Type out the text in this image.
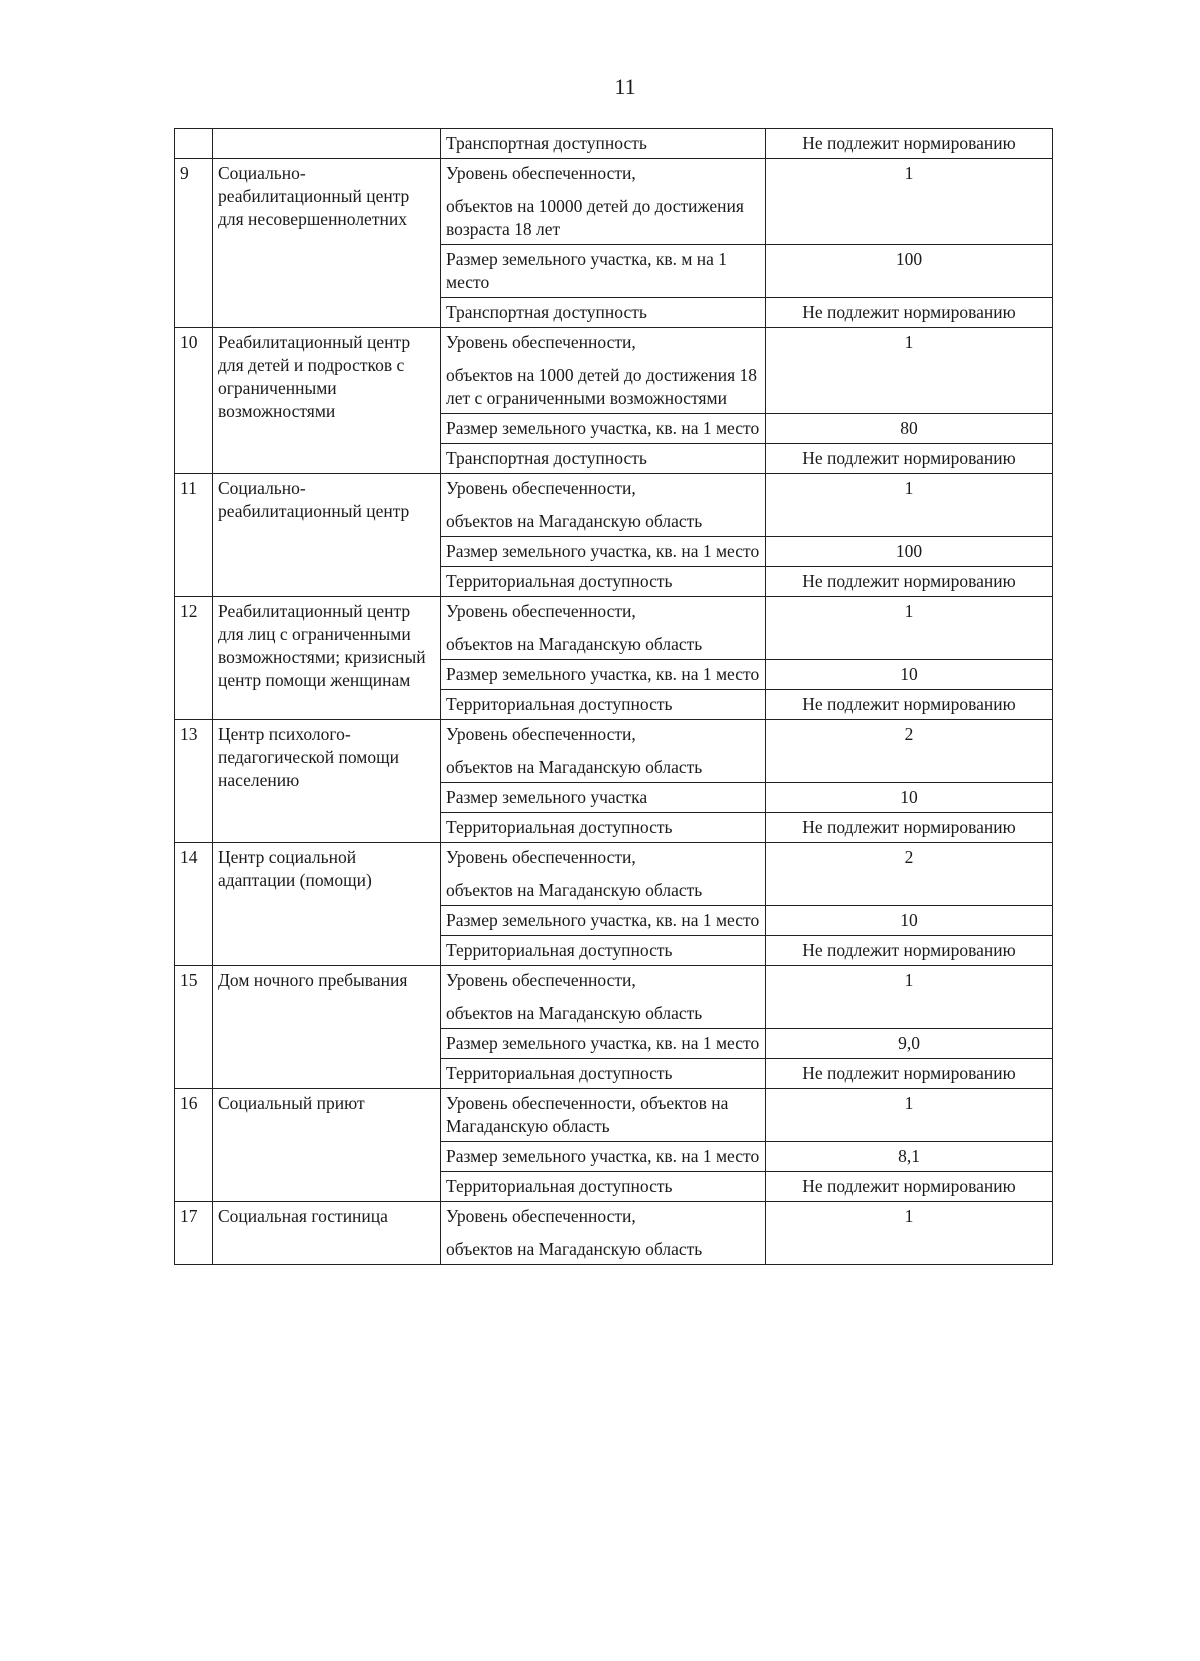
11
		Транспортная доступность	Не подлежит нормированию
9	Социально-реабилитационный центр для несовершеннолетних	Уровень обеспеченности,
объектов на 10000 детей до достижения возраста 18 лет	1

		Размер земельного участка, кв. м на 1 место	100

		Транспортная доступность	Не подлежит нормированию
10	Реабилитационный центр для детей и подростков с ограниченными возможностями	Уровень обеспеченности,
объектов на 1000 детей до достижения 18 лет с ограниченными возможностями	1

		Размер земельного участка, кв. на 1 место	80

		Транспортная доступность	Не подлежит нормированию
11	Социально-реабилитационный центр	Уровень обеспеченности,
объектов на Магаданскую область	1

		Размер земельного участка, кв. на 1 место	100

		Территориальная доступность	Не подлежит нормированию
12	Реабилитационный центр для лиц с ограниченными возможностями; кризисный центр помощи женщинам	Уровень обеспеченности,
объектов на Магаданскую область	1

		Размер земельного участка, кв. на 1 место	10

		Территориальная доступность	Не подлежит нормированию
13	Центр психолого-педагогической помощи населению	Уровень обеспеченности,
объектов на Магаданскую область	2

		Размер земельного участка	10

		Территориальная доступность	Не подлежит нормированию
14	Центр социальной адаптации (помощи)	Уровень обеспеченности,
объектов на Магаданскую область	2

		Размер земельного участка, кв. на 1 место	10

		Территориальная доступность	Не подлежит нормированию
15	Дом ночного пребывания	Уровень обеспеченности,
объектов на Магаданскую область	1

		Размер земельного участка, кв. на 1 место	9,0

		Территориальная доступность	Не подлежит нормированию
16	Социальный приют	Уровень обеспеченности, объектов на Магаданскую область	1

		Размер земельного участка, кв. на 1 место	8,1

		Территориальная доступность	Не подлежит нормированию
17	Социальная гостиница	Уровень обеспеченности,
объектов на Магаданскую область	1
